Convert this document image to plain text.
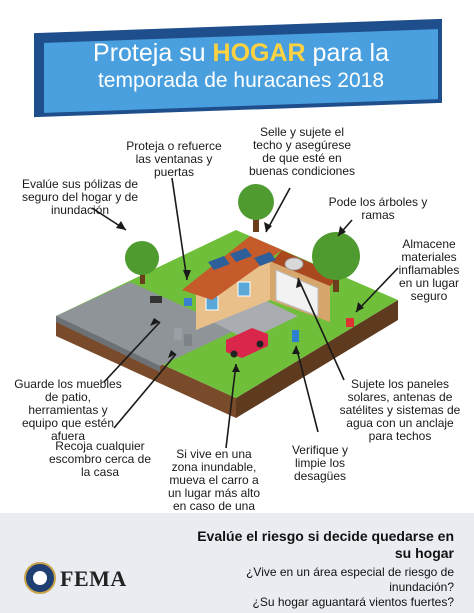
Proteja su HOGAR para la
temporada de huracanes 2018
Proteja o refuerce las ventanas y puertas
Selle y sujete el techo y asegúrese de que esté en buenas condiciones
Evalúe sus pólizas de seguro del hogar y de inundación
Pode los árboles y ramas
Almacene materiales inflamables en un lugar seguro
Guarde los muebles de patio, herramientas y equipo que estén afuera
Sujete los paneles solares, antenas de satélites y sistemas de agua con un anclaje para techos
Recoja cualquier escombro cerca de la casa
Si vive en una zona inundable, mueva el carro a un lugar más alto en caso de una
Verifique y limpie los desagües
FEMA
Evalúe el riesgo si decide quedarse en su hogar
¿Vive en un área especial de riesgo de inundación?
¿Su hogar aguantará vientos fuertes?
